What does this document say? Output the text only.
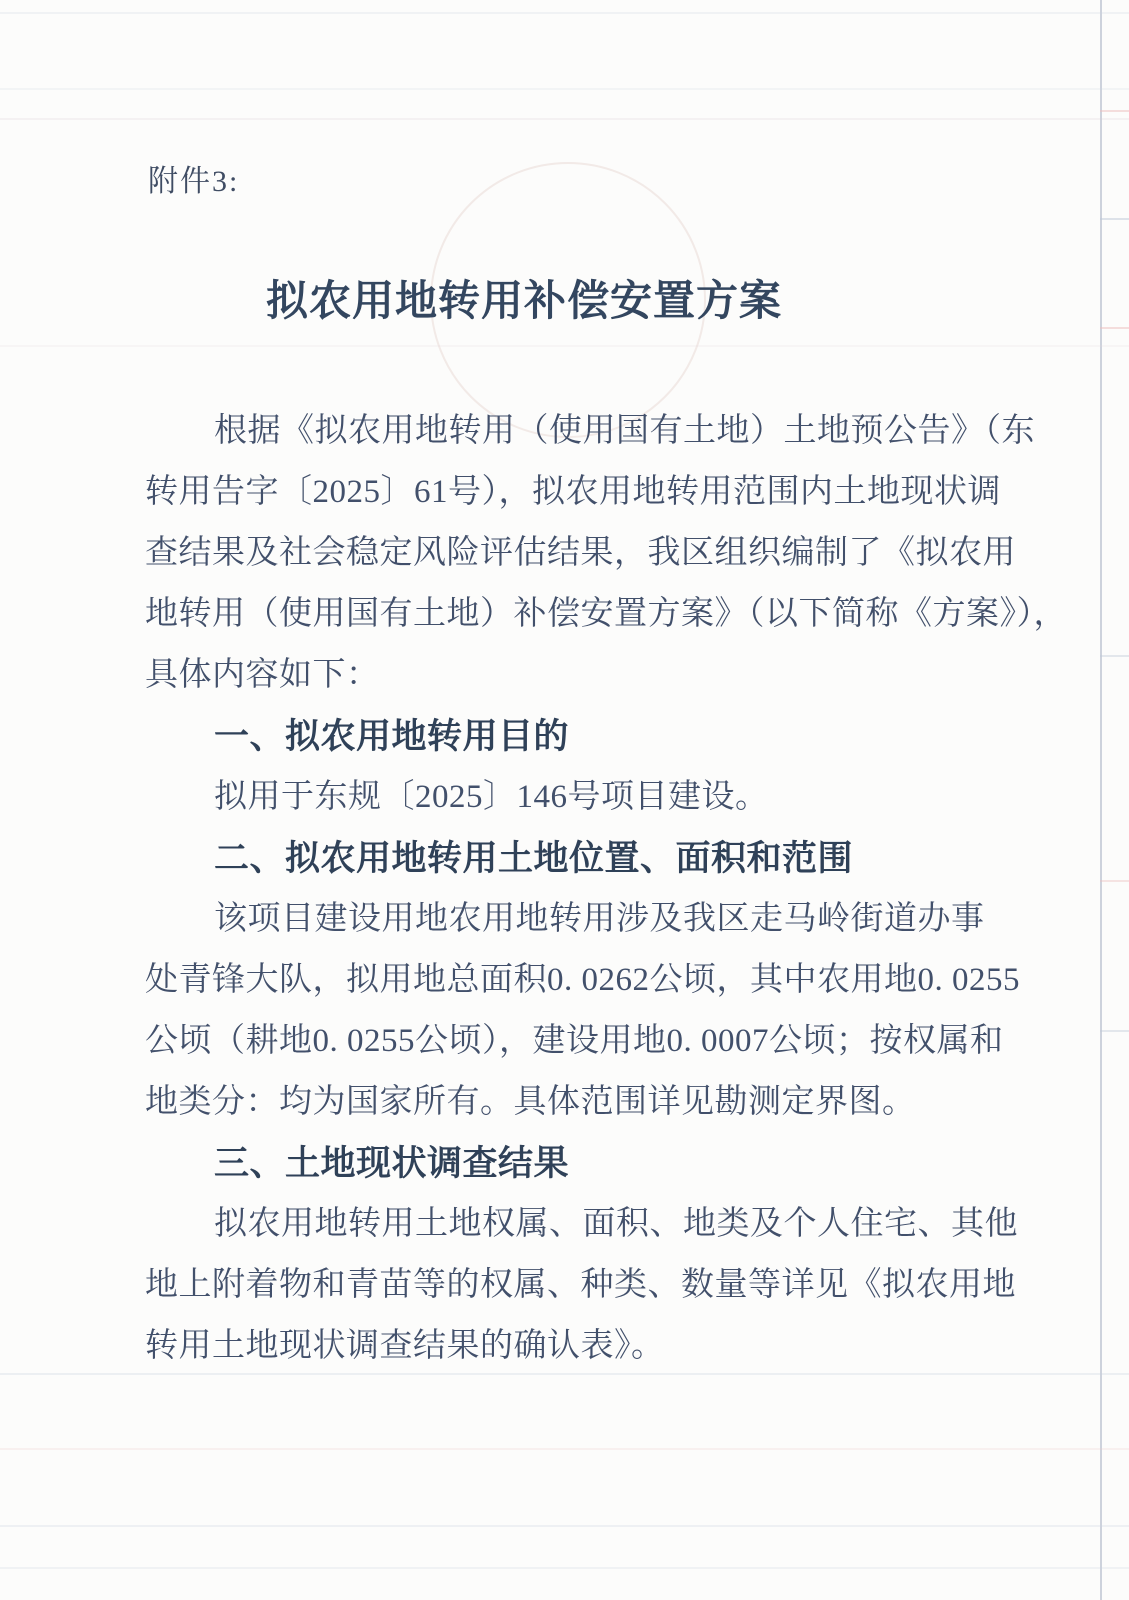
附件3:
拟农用地转用补偿安置方案
根据《拟农用地转用（使用国有土地）土地预公告》（东
转用告字〔2025〕61号），拟农用地转用范围内土地现状调
查结果及社会稳定风险评估结果，我区组织编制了《拟农用
地转用（使用国有土地）补偿安置方案》（以下简称《方案》），
具体内容如下：
一、拟农用地转用目的
拟用于东规〔2025〕146号项目建设。
二、拟农用地转用土地位置、面积和范围
该项目建设用地农用地转用涉及我区走马岭街道办事
处青锋大队，拟用地总面积0. 0262公顷，其中农用地0. 0255
公顷（耕地0. 0255公顷），建设用地0. 0007公顷；按权属和
地类分：均为国家所有。具体范围详见勘测定界图。
三、土地现状调查结果
拟农用地转用土地权属、面积、地类及个人住宅、其他
地上附着物和青苗等的权属、种类、数量等详见《拟农用地
转用土地现状调查结果的确认表》。
